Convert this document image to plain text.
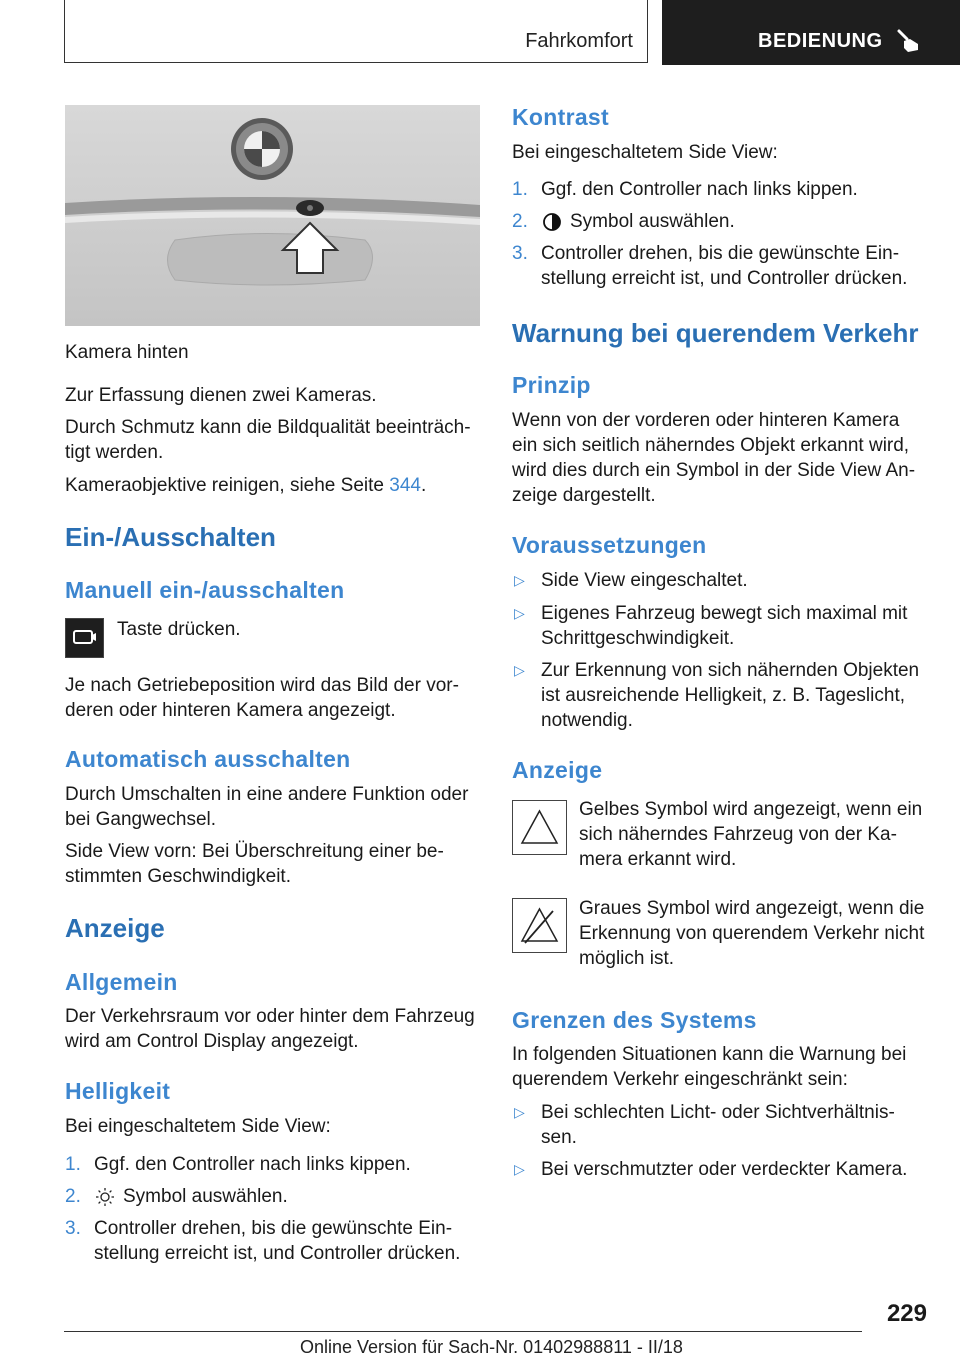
Fahrkomfort	BEDIENUNG
Kamera hinten
Zur Erfassung dienen zwei Kameras.
Durch Schmutz kann die Bildqualität beeinträch‐
tigt werden.
Kameraobjektive reinigen, siehe Seite 344.
Ein-/Ausschalten
Manuell ein-/ausschalten
Taste drücken.
Je nach Getriebeposition wird das Bild der vor‐
deren oder hinteren Kamera angezeigt.
Automatisch ausschalten
Durch Umschalten in eine andere Funktion oder
bei Gangwechsel.
Side View vorn: Bei Überschreitung einer be‐
stimmten Geschwindigkeit.
Anzeige
Allgemein
Der Verkehrsraum vor oder hinter dem Fahrzeug
wird am Control Display angezeigt.
Helligkeit
Bei eingeschaltetem Side View:
1. Ggf. den Controller nach links kippen.
2. Symbol auswählen.
3. Controller drehen, bis die gewünschte Ein‐
stellung erreicht ist, und Controller drücken.
Kontrast
Bei eingeschaltetem Side View:
1. Ggf. den Controller nach links kippen.
2. Symbol auswählen.
3. Controller drehen, bis die gewünschte Ein‐
stellung erreicht ist, und Controller drücken.
Warnung bei querendem Verkehr
Prinzip
Wenn von der vorderen oder hinteren Kamera
ein sich seitlich näherndes Objekt erkannt wird,
wird dies durch ein Symbol in der Side View An‐
zeige dargestellt.
Voraussetzungen
▷ Side View eingeschaltet.
▷ Eigenes Fahrzeug bewegt sich maximal mit
Schrittgeschwindigkeit.
▷ Zur Erkennung von sich nähernden Objekten
ist ausreichende Helligkeit, z. B. Tageslicht,
notwendig.
Anzeige
Gelbes Symbol wird angezeigt, wenn ein
sich näherndes Fahrzeug von der Ka‐
mera erkannt wird.
Graues Symbol wird angezeigt, wenn die
Erkennung von querendem Verkehr nicht
möglich ist.
Grenzen des Systems
In folgenden Situationen kann die Warnung bei
querendem Verkehr eingeschränkt sein:
▷ Bei schlechten Licht- oder Sichtverhältnis‐
sen.
▷ Bei verschmutzter oder verdeckter Kamera.
229
Online Version für Sach-Nr. 01402988811 - II/18
